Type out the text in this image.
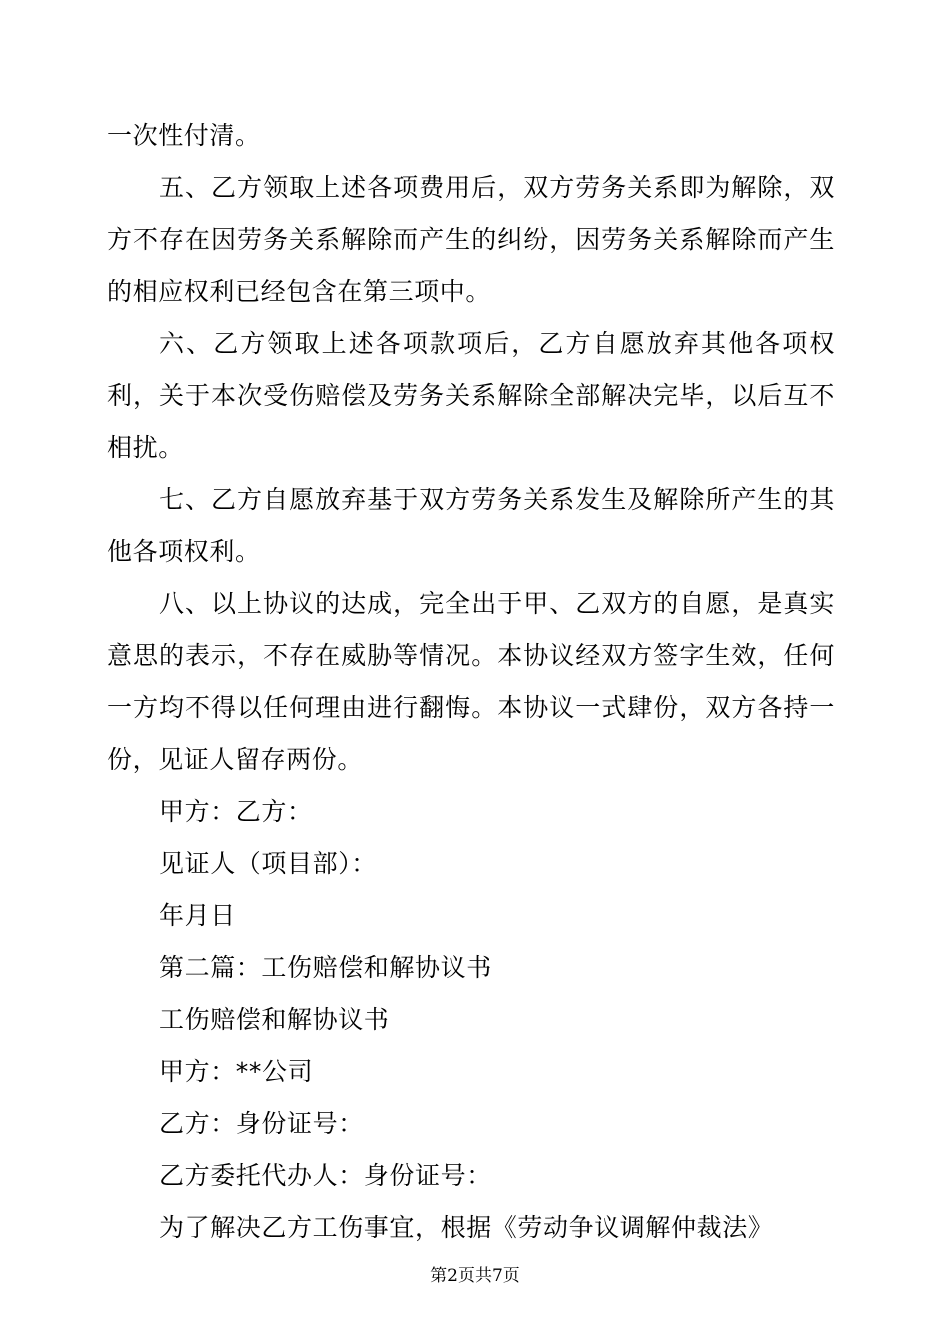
一次性付清。

五、乙方领取上述各项费用后，双方劳务关系即为解除，双方不存在因劳务关系解除而产生的纠纷，因劳务关系解除而产生的相应权利已经包含在第三项中。

六、乙方领取上述各项款项后，乙方自愿放弃其他各项权利，关于本次受伤赔偿及劳务关系解除全部解决完毕，以后互不相扰。

七、乙方自愿放弃基于双方劳务关系发生及解除所产生的其他各项权利。

八、以上协议的达成，完全出于甲、乙双方的自愿，是真实意思的表示，不存在威胁等情况。本协议经双方签字生效，任何一方均不得以任何理由进行翻悔。本协议一式肆份，双方各持一份，见证人留存两份。

甲方：乙方：

见证人（项目部）：

年月日

第二篇：工伤赔偿和解协议书

工伤赔偿和解协议书

甲方：**公司

乙方：身份证号：

乙方委托代办人：身份证号：

为了解决乙方工伤事宜，根据《劳动争议调解仲裁法》

第2页共7页
